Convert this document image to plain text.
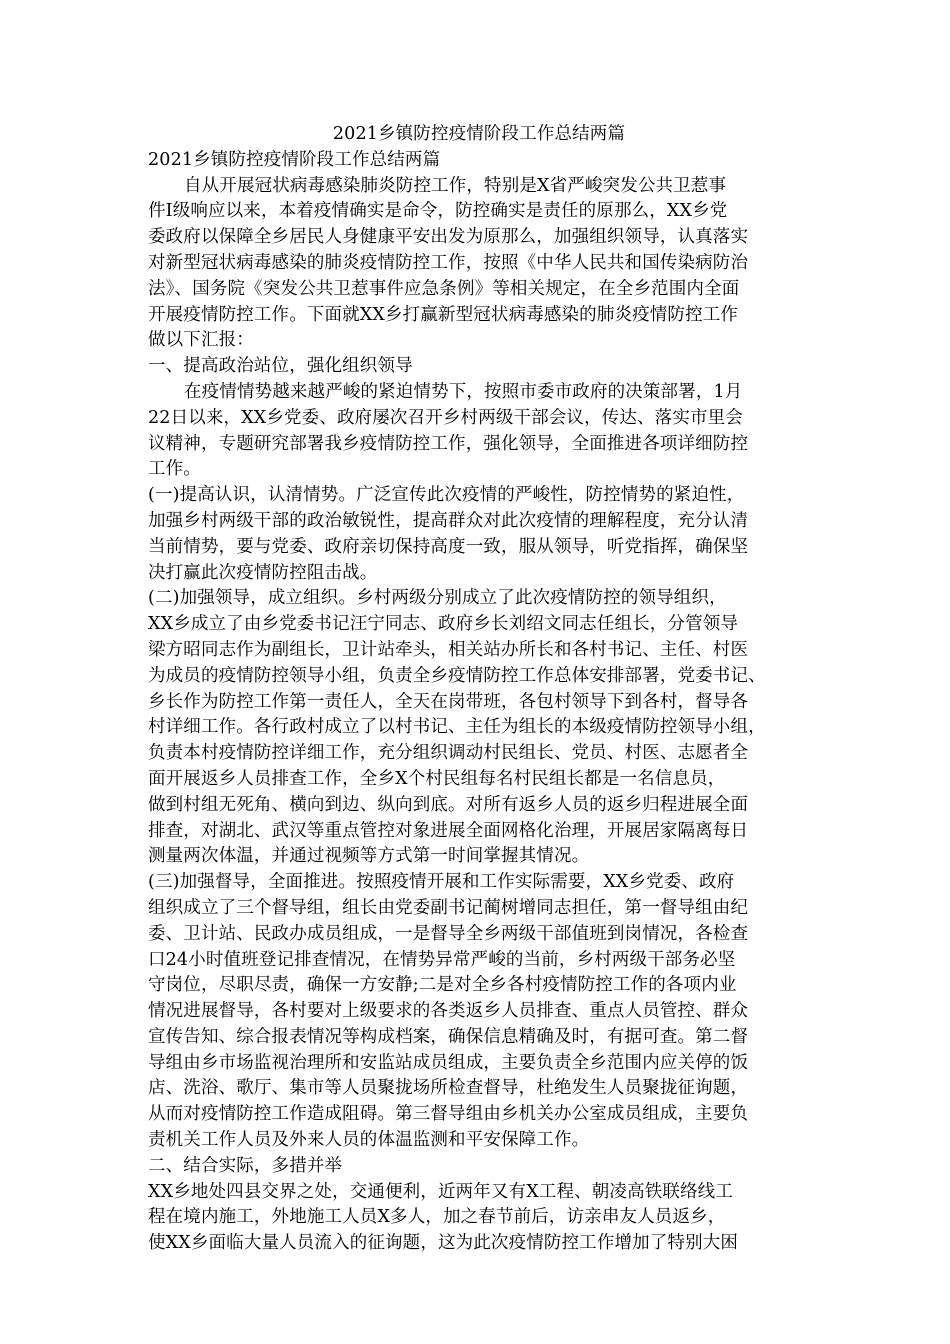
2021乡镇防控疫情阶段工作总结两篇
2021乡镇防控疫情阶段工作总结两篇
自从开展冠状病毒感染肺炎防控工作，特别是X省严峻突发公共卫惹事
件Ⅰ级响应以来，本着疫情确实是命令，防控确实是责任的原那么，XX乡党
委政府以保障全乡居民人身健康平安出发为原那么，加强组织领导，认真落实
对新型冠状病毒感染的肺炎疫情防控工作，按照《中华人民共和国传染病防治
法》、国务院《突发公共卫惹事件应急条例》等相关规定，在全乡范围内全面
开展疫情防控工作。下面就XX乡打赢新型冠状病毒感染的肺炎疫情防控工作
做以下汇报：
一、提高政治站位，强化组织领导
在疫情情势越来越严峻的紧迫情势下，按照市委市政府的决策部署，1月
22日以来，XX乡党委、政府屡次召开乡村两级干部会议，传达、落实市里会
议精神，专题研究部署我乡疫情防控工作，强化领导，全面推进各项详细防控
工作。
(一)提高认识，认清情势。广泛宣传此次疫情的严峻性，防控情势的紧迫性，
加强乡村两级干部的政治敏锐性，提高群众对此次疫情的理解程度，充分认清
当前情势，要与党委、政府亲切保持高度一致，服从领导，听党指挥，确保坚
决打赢此次疫情防控阻击战。
(二)加强领导，成立组织。乡村两级分别成立了此次疫情防控的领导组织，
XX乡成立了由乡党委书记汪宁同志、政府乡长刘绍文同志任组长，分管领导
梁方昭同志作为副组长，卫计站牵头，相关站办所长和各村书记、主任、村医
为成员的疫情防控领导小组，负责全乡疫情防控工作总体安排部署，党委书记、
乡长作为防控工作第一责任人，全天在岗带班，各包村领导下到各村，督导各
村详细工作。各行政村成立了以村书记、主任为组长的本级疫情防控领导小组，
负责本村疫情防控详细工作，充分组织调动村民组长、党员、村医、志愿者全
面开展返乡人员排查工作，全乡X个村民组每名村民组长都是一名信息员，
做到村组无死角、横向到边、纵向到底。对所有返乡人员的返乡归程进展全面
排查，对湖北、武汉等重点管控对象进展全面网格化治理，开展居家隔离每日
测量两次体温，并通过视频等方式第一时间掌握其情况。
(三)加强督导，全面推进。按照疫情开展和工作实际需要，XX乡党委、政府
组织成立了三个督导组，组长由党委副书记蔺树增同志担任，第一督导组由纪
委、卫计站、民政办成员组成，一是督导全乡两级干部值班到岗情况，各检查
口24小时值班登记排查情况，在情势异常严峻的当前，乡村两级干部务必坚
守岗位，尽职尽责，确保一方安静;二是对全乡各村疫情防控工作的各项内业
情况进展督导，各村要对上级要求的各类返乡人员排查、重点人员管控、群众
宣传告知、综合报表情况等构成档案，确保信息精确及时，有据可查。第二督
导组由乡市场监视治理所和安监站成员组成，主要负责全乡范围内应关停的饭
店、洗浴、歌厅、集市等人员聚拢场所检查督导，杜绝发生人员聚拢征询题，
从而对疫情防控工作造成阻碍。第三督导组由乡机关办公室成员组成，主要负
责机关工作人员及外来人员的体温监测和平安保障工作。
二、结合实际，多措并举
XX乡地处四县交界之处，交通便利，近两年又有X工程、朝凌高铁联络线工
程在境内施工，外地施工人员X多人，加之春节前后，访亲串友人员返乡，
使XX乡面临大量人员流入的征询题，这为此次疫情防控工作增加了特别大困
